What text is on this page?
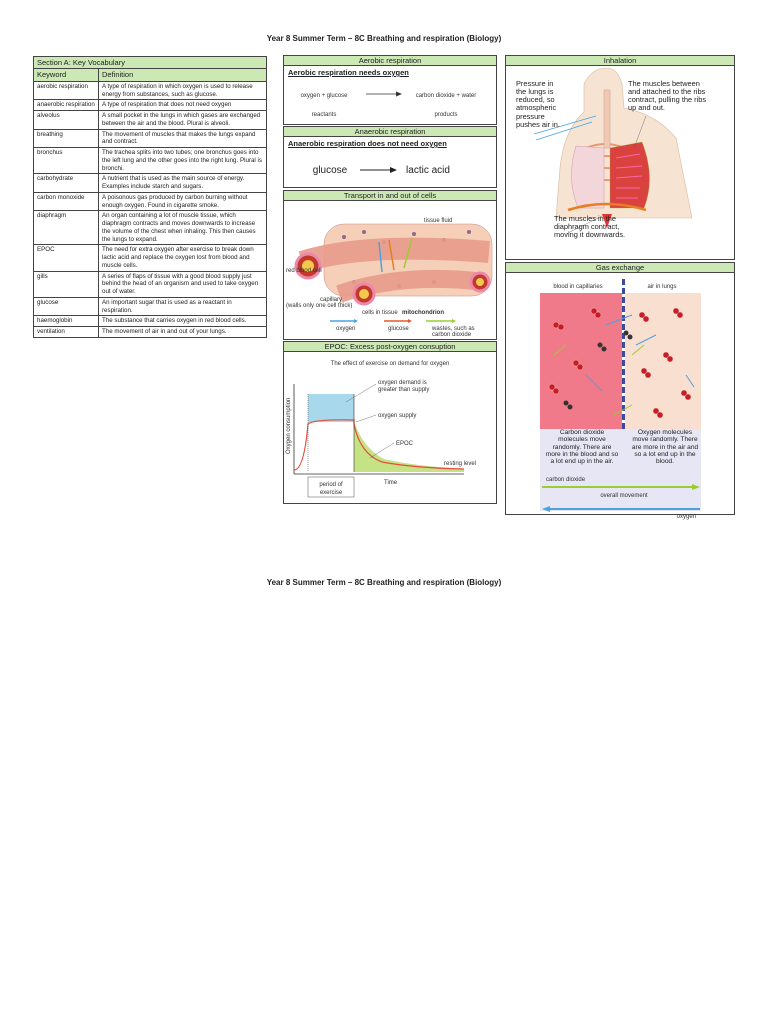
Year 8 Summer Term – 8C Breathing and respiration (Biology)
Section A: Key Vocabulary	
Keyword	Definition
aerobic respiration	A type of respiration in which oxygen is used to release energy from substances, such as glucose.
anaerobic respiration	A type of respiration that does not need oxygen
alveolus	A small pocket in the lungs in which gases are exchanged between the air and the blood. Plural is alveoli.
breathing	The movement of muscles that makes the lungs expand and contract.
bronchus	The trachea splits into two tubes; one bronchus goes into the left lung and the other goes into the right lung. Plural is bronchi.
carbohydrate	A nutrient that is used as the main source of energy. Examples include starch and sugars.
carbon monoxide	A poisonous gas produced by carbon burning without enough oxygen. Found in cigarette smoke.
diaphragm	An organ containing a lot of muscle tissue, which diaphragm contracts and moves downwards to increase the volume of the chest when inhaling. This then causes the lungs to expand.
EPOC	The need for extra oxygen after exercise to break down lactic acid and replace the oxygen lost from blood and muscle cells.
gills	A series of flaps of tissue with a good blood supply just behind the head of an organism and used to take oxygen out of water.
glucose	An important sugar that is used as a reactant in respiration.
haemoglobin	The substance that carries oxygen in red blood cells.
ventilation	The movement of air in and out of your lungs.
Aerobic respiration
Aerobic respiration needs oxygen
oxygen + glucose	carbon dioxide + water
reactants	products
Anaerobic respiration
Anaerobic respiration does not need oxygen
glucose	lactic acid
Transport in and out of cells
tissue fluid
red blood cell
capillary
(walls only one cell thick)
cells in tissue mitochondrion
oxygen	glucose	wastes, such as
carbon dioxide
EPOC: Excess post-oxygen consuption
The effect of exercise on demand for oxygen
Oxygen consumption
Time
oxygen demand is
greater than supply
oxygen supply
EPOC
resting level
period of
exercise
Inhalation
Pressure in
the lungs is
reduced, so
atmospheric
pressure
pushes air in.
The muscles between
and attached to the ribs
contract, pulling the ribs
up and out.
The muscles in the
diaphragm contract,
moving it downwards.
Gas exchange
blood in capillaries	air in lungs
carbon dioxide
overall movement
oxygen
Carbon dioxide
molecules move
randomly. There are
more in the blood and so
a lot end up in the air.
Oxygen molecules
move randomly. There
are more in the air and
so a lot end up in the
blood.
Year 8 Summer Term – 8C Breathing and respiration (Biology)
